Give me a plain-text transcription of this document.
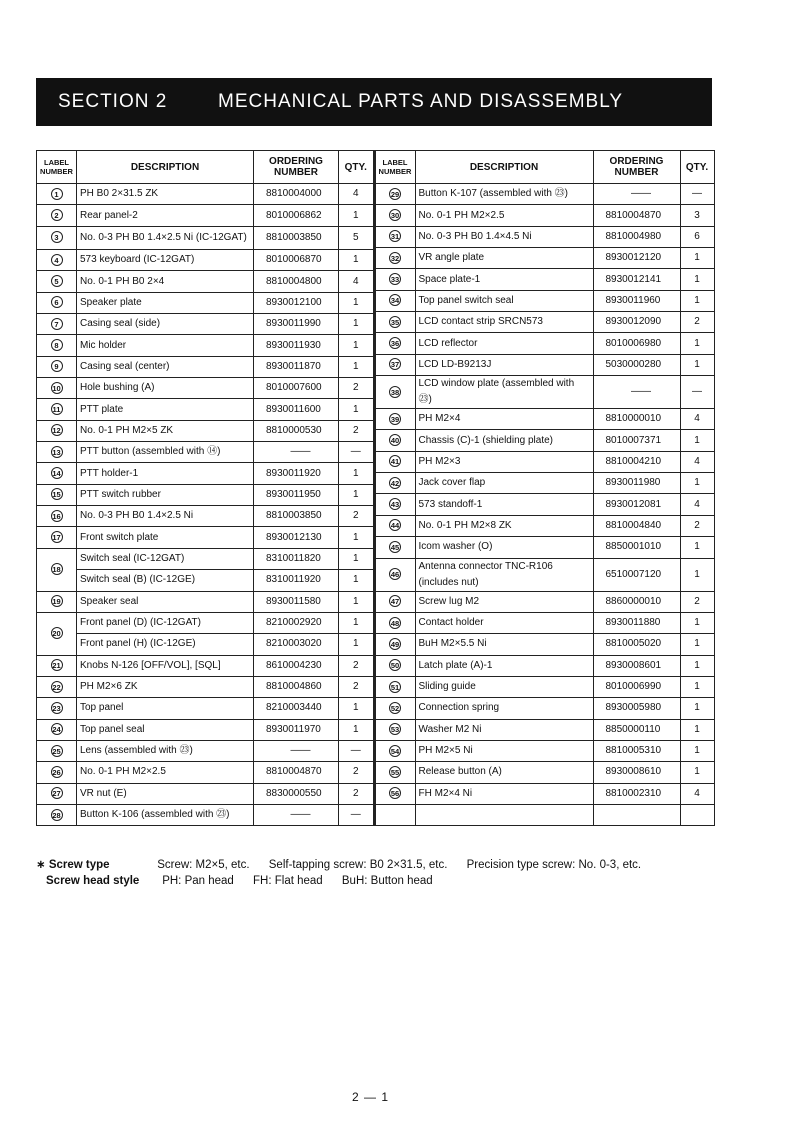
SECTION 2	MECHANICAL PARTS AND DISASSEMBLY
LABEL NUMBER	DESCRIPTION	ORDERING NUMBER	QTY.
1	PH B0 2×31.5 ZK	8810004000	4
2	Rear panel-2	8010006862	1
3	No. 0-3 PH B0 1.4×2.5 Ni (IC-12GAT)	8810003850	5

4	573 keyboard (IC-12GAT)	8010006870	1
5	No. 0-1 PH B0 2×4	8810004800	4
6	Speaker plate	8930012100	1
7	Casing seal (side)	8930011990	1
8	Mic holder	8930011930	1
9	Casing seal (center)	8930011870	1
10	Hole bushing (A)	8010007600	2
11	PTT plate	8930011600	1
12	No. 0-1 PH M2×5 ZK	8810000530	2
13	PTT button (assembled with ⑭)	——	—
14	PTT holder-1	8930011920	1
15	PTT switch rubber	8930011950	1
16	No. 0-3 PH B0 1.4×2.5 Ni	8810003850	2
17	Front switch plate	8930012130	1
18	Switch seal (IC-12GAT)	8310011820	1
	Switch seal (B) (IC-12GE)	8310011920	1
19	Speaker seal	8930011580	1
20	Front panel (D) (IC-12GAT)	8210002920	1
	Front panel (H) (IC-12GE)	8210003020	1
21	Knobs N-126 [OFF/VOL], [SQL]	8610004230	2
22	PH M2×6 ZK	8810004860	2
23	Top panel	8210003440	1
24	Top panel seal	8930011970	1
25	Lens (assembled with ㉓)	——	—
26	No. 0-1 PH M2×2.5	8810004870	2
27	VR nut (E)	8830000550	2
28	Button K-106 (assembled with ㉓)	——	—
LABEL NUMBER	DESCRIPTION	ORDERING NUMBER	QTY.
29	Button K-107 (assembled with ㉓)	——	—
30	No. 0-1 PH M2×2.5	8810004870	3
31	No. 0-3 PH B0 1.4×4.5 Ni	8810004980	6
32	VR angle plate	8930012120	1
33	Space plate-1	8930012141	1
34	Top panel switch seal	8930011960	1
35	LCD contact strip SRCN573	8930012090	2
36	LCD reflector	8010006980	1
37	LCD LD-B9213J	5030000280	1
38	LCD window plate (assembled with ㉓)	——	—

39	PH M2×4	8810000010	4
40	Chassis (C)-1 (shielding plate)	8010007371	1
41	PH M2×3	8810004210	4
42	Jack cover flap	8930011980	1
43	573 standoff-1	8930012081	4
44	No. 0-1 PH M2×8 ZK	8810004840	2
45	Icom washer (O)	8850001010	1
46	Antenna connector TNC-R106 (includes nut)	6510007120	1

47	Screw lug M2	8860000010	2
48	Contact holder	8930011880	1
49	BuH M2×5.5 Ni	8810005020	1
50	Latch plate (A)-1	8930008601	1
51	Sliding guide	8010006990	1
52	Connection spring	8930005980	1
53	Washer M2 Ni	8850000110	1
54	PH M2×5 Ni	8810005310	1
55	Release button (A)	8930008610	1
56	FH M2×4 Ni	8810002310	4

∗ Screw type	Screw: M2×5, etc. Self-tapping screw: B0 2×31.5, etc. Precision type screw: No. 0-3, etc.
Screw head style PH: Pan head FH: Flat head BuH: Button head
2 — 1
